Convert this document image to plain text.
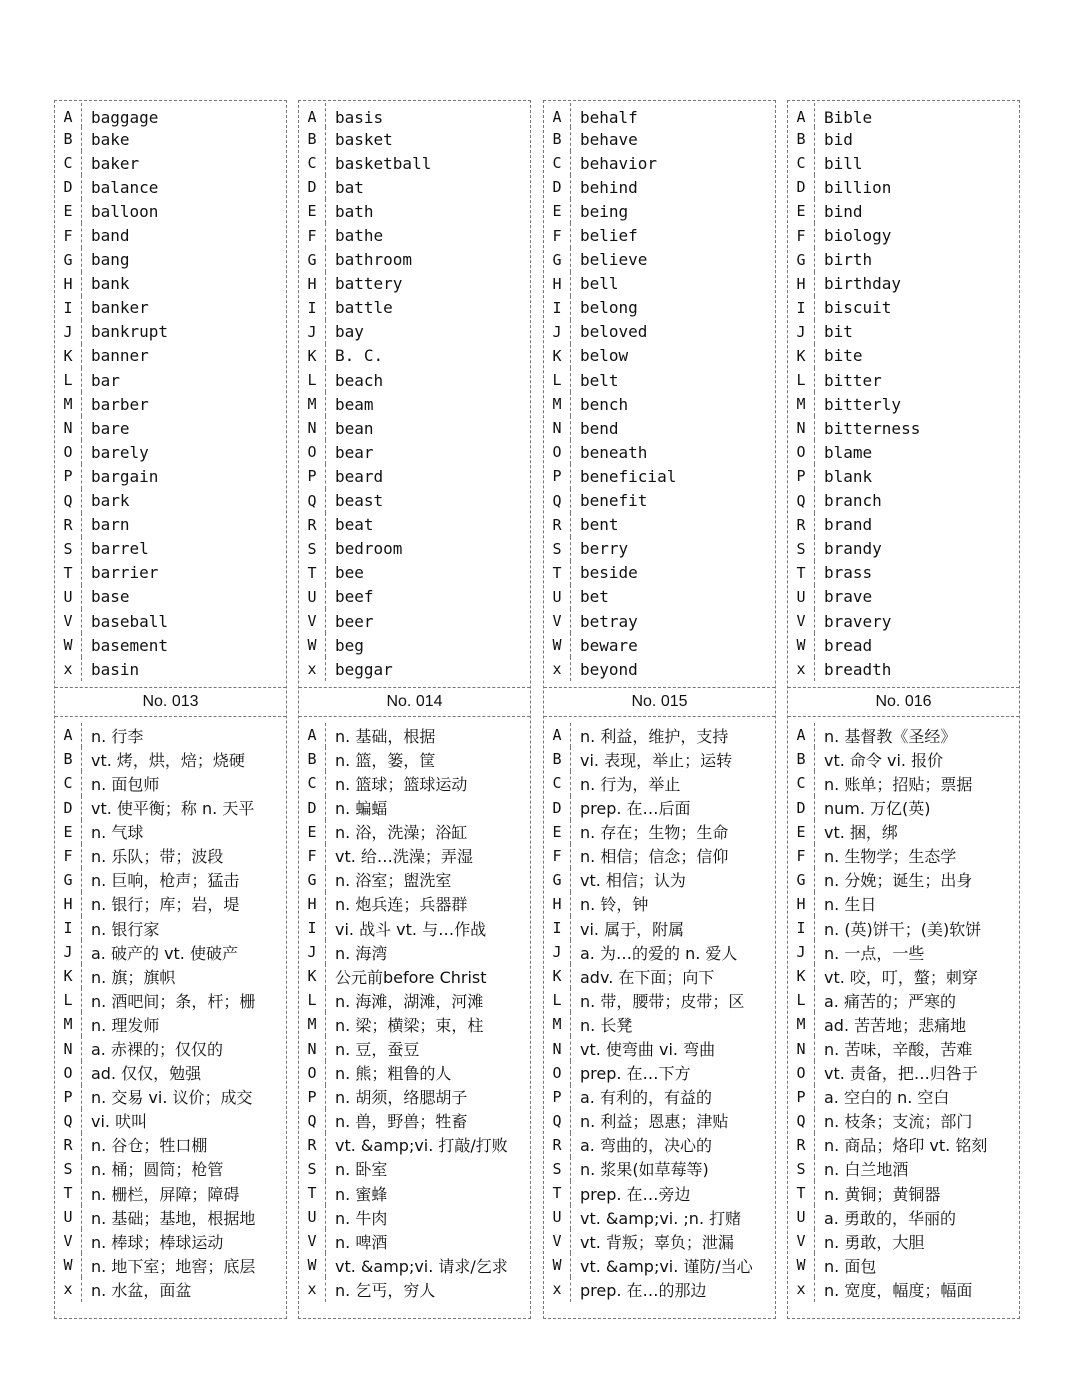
A	baggage
B	bake
C	baker
D	balance
E	balloon
F	band
G	bang
H	bank
I	banker
J	bankrupt
K	banner
L	bar
M	barber
N	bare
O	barely
P	bargain
Q	bark
R	barn
S	barrel
T	barrier
U	base
V	baseball
W	basement
x	basin
No. 013
A	n. 行李
B	vt. 烤，烘，焙；烧硬
C	n. 面包师
D	vt. 使平衡；称 n. 天平
E	n. 气球
F	n. 乐队；带；波段
G	n. 巨响，枪声；猛击
H	n. 银行；库；岩，堤
I	n. 银行家
J	a. 破产的 vt. 使破产
K	n. 旗；旗帜
L	n. 酒吧间；条，杆；栅
M	n. 理发师
N	a. 赤裸的；仅仅的
O	ad. 仅仅，勉强
P	n. 交易 vi. 议价；成交
Q	vi. 吠叫
R	n. 谷仓；牲口棚
S	n. 桶；圆筒；枪管
T	n. 栅栏，屏障；障碍
U	n. 基础；基地，根据地
V	n. 棒球；棒球运动
W	n. 地下室；地窖；底层
x	n. 水盆，面盆
A	basis
B	basket
C	basketball
D	bat
E	bath
F	bathe
G	bathroom
H	battery
I	battle
J	bay
K	B. C.
L	beach
M	beam
N	bean
O	bear
P	beard
Q	beast
R	beat
S	bedroom
T	bee
U	beef
V	beer
W	beg
x	beggar
No. 014
A	n. 基础，根据
B	n. 篮，篓，筐
C	n. 篮球；篮球运动
D	n. 蝙蝠
E	n. 浴，洗澡；浴缸
F	vt. 给…洗澡；弄湿
G	n. 浴室；盥洗室
H	n. 炮兵连；兵器群
I	vi. 战斗 vt. 与…作战
J	n. 海湾
K	公元前before Christ
L	n. 海滩，湖滩，河滩
M	n. 梁；横梁；束，柱
N	n. 豆，蚕豆
O	n. 熊；粗鲁的人
P	n. 胡须，络腮胡子
Q	n. 兽，野兽；牲畜
R	vt. &amp;vi. 打敲/打败
S	n. 卧室
T	n. 蜜蜂
U	n. 牛肉
V	n. 啤酒
W	vt. &amp;vi. 请求/乞求
x	n. 乞丐，穷人
A	behalf
B	behave
C	behavior
D	behind
E	being
F	belief
G	believe
H	bell
I	belong
J	beloved
K	below
L	belt
M	bench
N	bend
O	beneath
P	beneficial
Q	benefit
R	bent
S	berry
T	beside
U	bet
V	betray
W	beware
x	beyond
No. 015
A	n. 利益，维护，支持
B	vi. 表现，举止；运转
C	n. 行为，举止
D	prep. 在…后面
E	n. 存在；生物；生命
F	n. 相信；信念；信仰
G	vt. 相信；认为
H	n. 铃，钟
I	vi. 属于，附属
J	a. 为…的爱的 n. 爱人
K	adv. 在下面；向下
L	n. 带，腰带；皮带；区
M	n. 长凳
N	vt. 使弯曲 vi. 弯曲
O	prep. 在…下方
P	a. 有利的，有益的
Q	n. 利益；恩惠；津贴
R	a. 弯曲的，决心的
S	n. 浆果(如草莓等)
T	prep. 在…旁边
U	vt. &amp;vi. ;n. 打赌
V	vt. 背叛；辜负；泄漏
W	vt. &amp;vi. 谨防/当心
x	prep. 在…的那边
A	Bible
B	bid
C	bill
D	billion
E	bind
F	biology
G	birth
H	birthday
I	biscuit
J	bit
K	bite
L	bitter
M	bitterly
N	bitterness
O	blame
P	blank
Q	branch
R	brand
S	brandy
T	brass
U	brave
V	bravery
W	bread
x	breadth
No. 016
A	n. 基督教《圣经》
B	vt. 命令 vi. 报价
C	n. 账单；招贴；票据
D	num. 万亿(英)
E	vt. 捆，绑
F	n. 生物学；生态学
G	n. 分娩；诞生；出身
H	n. 生日
I	n. (英)饼干；(美)软饼
J	n. 一点，一些
K	vt. 咬，叮，螫；刺穿
L	a. 痛苦的；严寒的
M	ad. 苦苦地；悲痛地
N	n. 苦味，辛酸，苦难
O	vt. 责备，把…归咎于
P	a. 空白的 n. 空白
Q	n. 枝条；支流；部门
R	n. 商品；烙印 vt. 铭刻
S	n. 白兰地酒
T	n. 黄铜；黄铜器
U	a. 勇敢的，华丽的
V	n. 勇敢，大胆
W	n. 面包
x	n. 宽度，幅度；幅面
